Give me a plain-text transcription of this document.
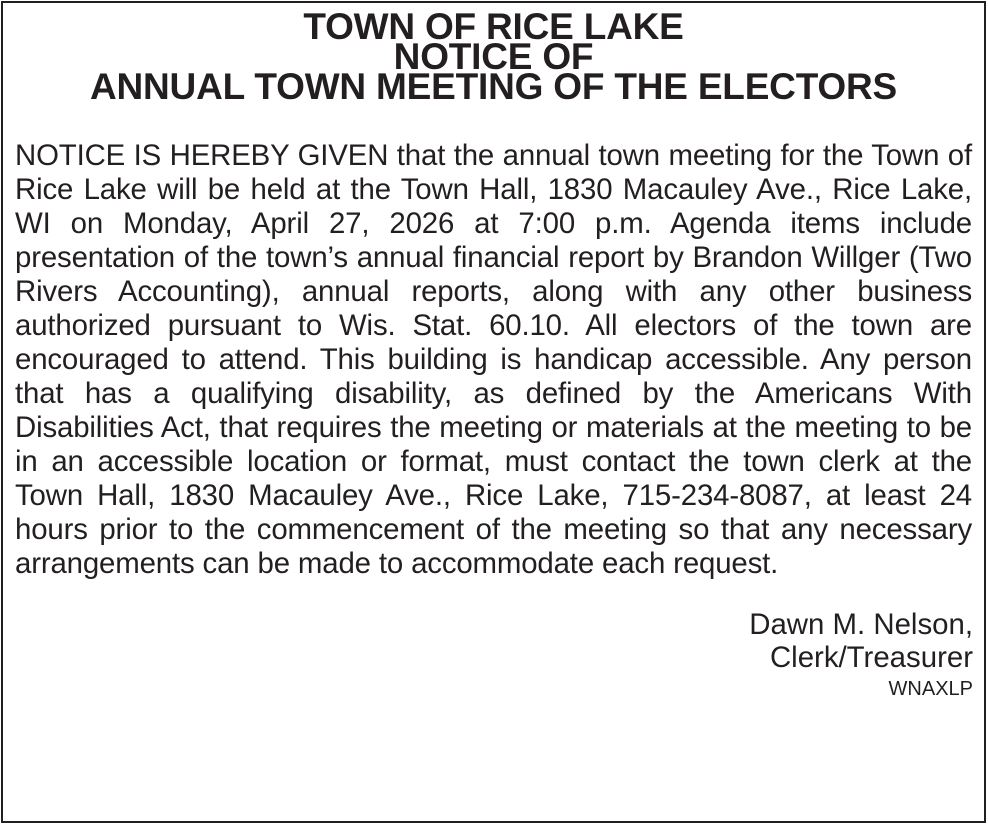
TOWN OF RICE LAKE
NOTICE OF
ANNUAL TOWN MEETING OF THE ELECTORS
NOTICE IS HEREBY GIVEN that the annual town meeting for the Town of Rice Lake will be held at the Town Hall, 1830 Macauley Ave., Rice Lake, WI on Monday, April 27, 2026 at 7:00 p.m. Agenda items include presentation of the town’s annual financial report by Brandon Willger (Two Rivers Accounting), annual reports, along with any other business authorized pursuant to Wis. Stat. 60.10. All electors of the town are encouraged to attend. This building is handicap accessible. Any person that has a qualifying disability, as defined by the Americans With Disabilities Act, that requires the meeting or materials at the meeting to be in an accessible location or format, must contact the town clerk at the Town Hall, 1830 Macauley Ave., Rice Lake, 715-234-8087, at least 24 hours prior to the commencement of the meeting so that any necessary arrangements can be made to accommodate each request.
Dawn M. Nelson,
Clerk/Treasurer
WNAXLP
